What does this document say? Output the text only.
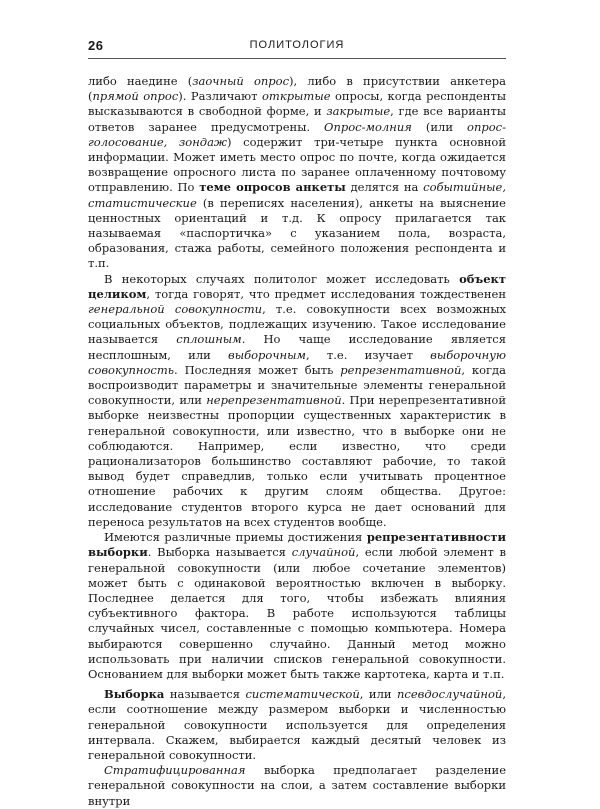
26	ПОЛИТОЛОГИЯ

либо наедине (заочный опрос), либо в присутствии анкетера (прямой опрос). Различают открытые опросы, когда респонденты высказываются в свободной форме, и закрытые, где все варианты ответов заранее предусмотрены. Опрос-молния (или опрос-голосование, зондаж) содержит три-четыре пункта основной информации. Может иметь место опрос по почте, когда ожидается возвращение опросного листа по заранее оплаченному почтовому отправлению. По теме опросов анкеты делятся на событийные, статистические (в переписях населения), анкеты на выяснение ценностных ориентаций и т.д. К опросу прилагается так называемая «паспортичка» с указанием пола, возраста, образования, стажа работы, семейного положения респондента и т.п.

В некоторых случаях политолог может исследовать объект целиком, тогда говорят, что предмет исследования тождественен генеральной совокупности, т.е. совокупности всех возможных социальных объектов, подлежащих изучению. Такое исследование называется сплошным. Но чаще исследование является несплошным, или выборочным, т.е. изучает выборочную совокупность. Последняя может быть репрезентативной, когда воспроизводит параметры и значительные элементы генеральной совокупности, или нерепрезентативной. При нерепрезентативной выборке неизвестны пропорции существенных характеристик в генеральной совокупности, или известно, что в выборке они не соблюдаются. Например, если известно, что среди рационализаторов большинство составляют рабочие, то такой вывод будет справедлив, только если учитывать процентное отношение рабочих к другим слоям общества. Другое: исследование студентов второго курса не дает оснований для переноса результатов на всех студентов вообще.

Имеются различные приемы достижения репрезентативности выборки. Выборка называется случайной, если любой элемент в генеральной совокупности (или любое сочетание элементов) может быть с одинаковой вероятностью включен в выборку. Последнее делается для того, чтобы избежать влияния субъективного фактора. В работе используются таблицы случайных чисел, составленные с помощью компьютера. Номера выбираются совершенно случайно. Данный метод можно использовать при наличии списков генеральной совокупности. Основанием для выборки может быть также картотека, карта и т.п.

Выборка называется систематической, или псевдослучайной, если соотношение между размером выборки и численностью генеральной совокупности используется для определения интервала. Скажем, выбирается каждый десятый человек из генеральной совокупности.

Стратифицированная выборка предполагает разделение генеральной совокупности на слои, а затем составление выборки внутри
